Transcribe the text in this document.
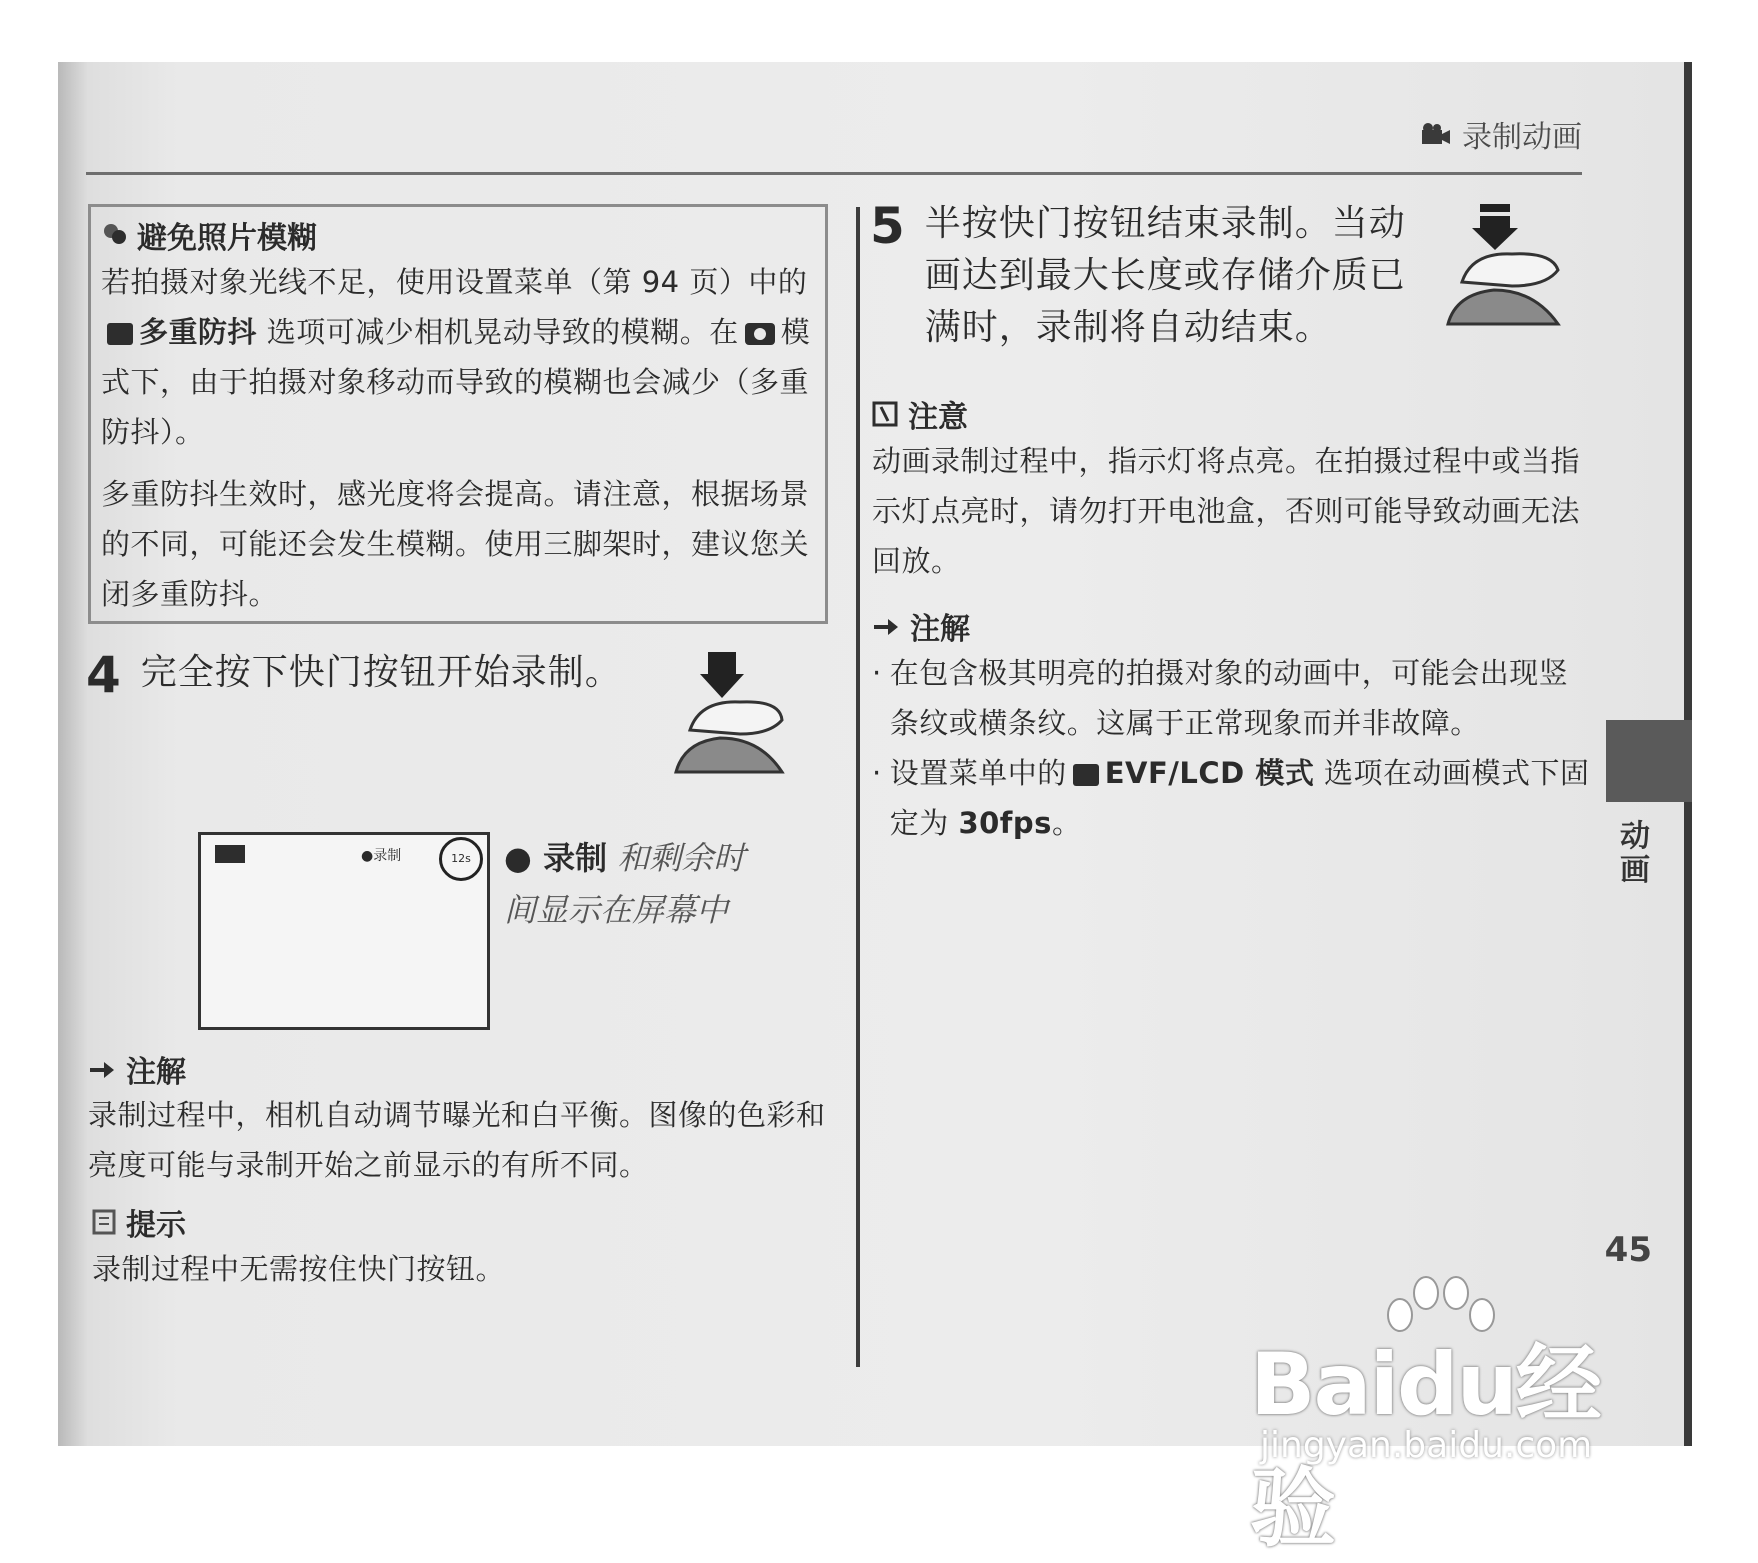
录制动画
避免照片模糊
若拍摄对象光线不足，使用设置菜单（第 94 页）中的多重防抖 选项可减少相机晃动导致的模糊。在 模式下，由于拍摄对象移动而导致的模糊也会减少（多重防抖）。
多重防抖生效时，感光度将会提高。请注意，根据场景的不同，可能还会发生模糊。使用三脚架时，建议您关闭多重防抖。
4 完全按下快门按钮开始录制。
●录制	12s	● 录制 和剩余时间显示在屏幕中
注解
录制过程中，相机自动调节曝光和白平衡。图像的色彩和亮度可能与录制开始之前显示的有所不同。
提示
录制过程中无需按住快门按钮。
5 半按快门按钮结束录制。当动画达到最大长度或存储介质已满时，录制将自动结束。
注意
动画录制过程中，指示灯将点亮。在拍摄过程中或当指示灯点亮时，请勿打开电池盒，否则可能导致动画无法回放。
注解
· 在包含极其明亮的拍摄对象的动画中，可能会出现竖条纹或横条纹。这属于正常现象而并非故障。
· 设置菜单中的 EVF/LCD 模式 选项在动画模式下固定为 30fps。	动画
45
Baidu经验
jingyan.baidu.com
